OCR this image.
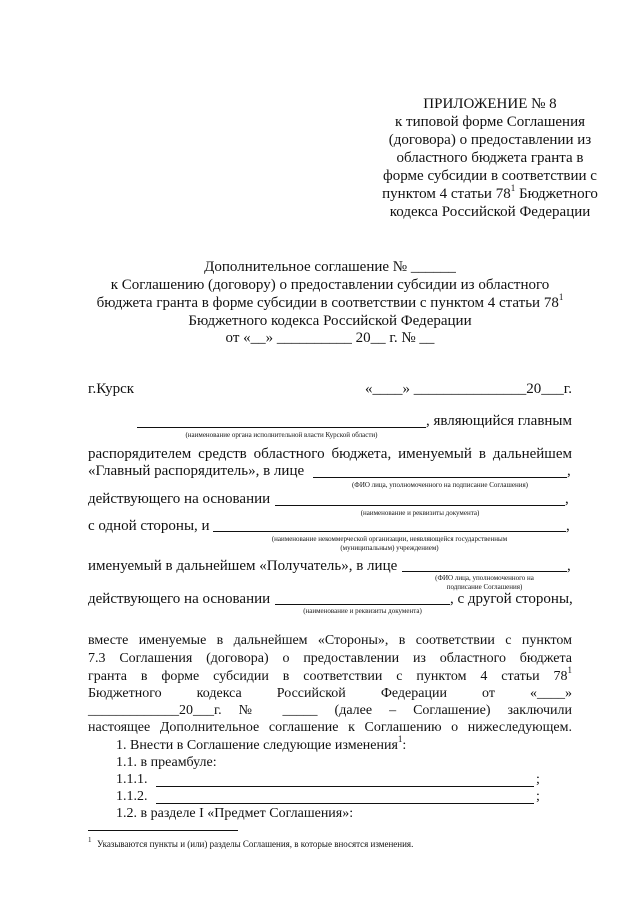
ПРИЛОЖЕНИЕ № 8
к типовой форме Соглашения
(договора) о предоставлении из
областного бюджета гранта в
форме субсидии в соответствии с
пунктом 4 статьи $78^1$ Бюджетного
кодекса Российской Федерации
Дополнительное соглашение № ______
к Соглашению (договору) о предоставлении субсидии из областного
бюджета гранта в форме субсидии в соответствии с пунктом 4 статьи $78^1$
Бюджетного кодекса Российской Федерации
от «__» __________ 20__ г. № __
г.Курск	«____» _______________20___г.
, являющийся главным
(наименование органа исполнительной власти Курской области)
распорядителем средств областного бюджета, именуемый в дальнейшем
«Главный распорядитель», в лице	,
(ФИО лица, уполномоченного на подписание Соглашения)
действующего на основании	,
(наименование и реквизиты документа)
с одной стороны, и	,
(наименование некоммерческой организации, неявляющейся государственным
(муниципальным) учреждением)
именуемый в дальнейшем «Получатель», в лице	,
(ФИО лица, уполномоченного на
подписание Соглашения)
действующего на основании	, с другой стороны,
(наименование и реквизиты документа)
вместе именуемые в дальнейшем «Стороны», в соответствии с пунктом
7.3 Соглашения (договора) о предоставлении из областного бюджета
гранта в форме субсидии в соответствии с пунктом 4 статьи $78^1$
Бюджетного кодекса Российской Федерации от «____»
_____________20___г. № _____ (далее – Соглашение) заключили
настоящее Дополнительное соглашение к Соглашению о нижеследующем.
1. Внести в Соглашение следующие изменения$^1$:
1.1. в преамбуле:
1.1.1.	;
1.1.2.	;
1.2. в разделе I «Предмет Соглашения»:
1 Указываются пункты и (или) разделы Соглашения, в которые вносятся изменения.
